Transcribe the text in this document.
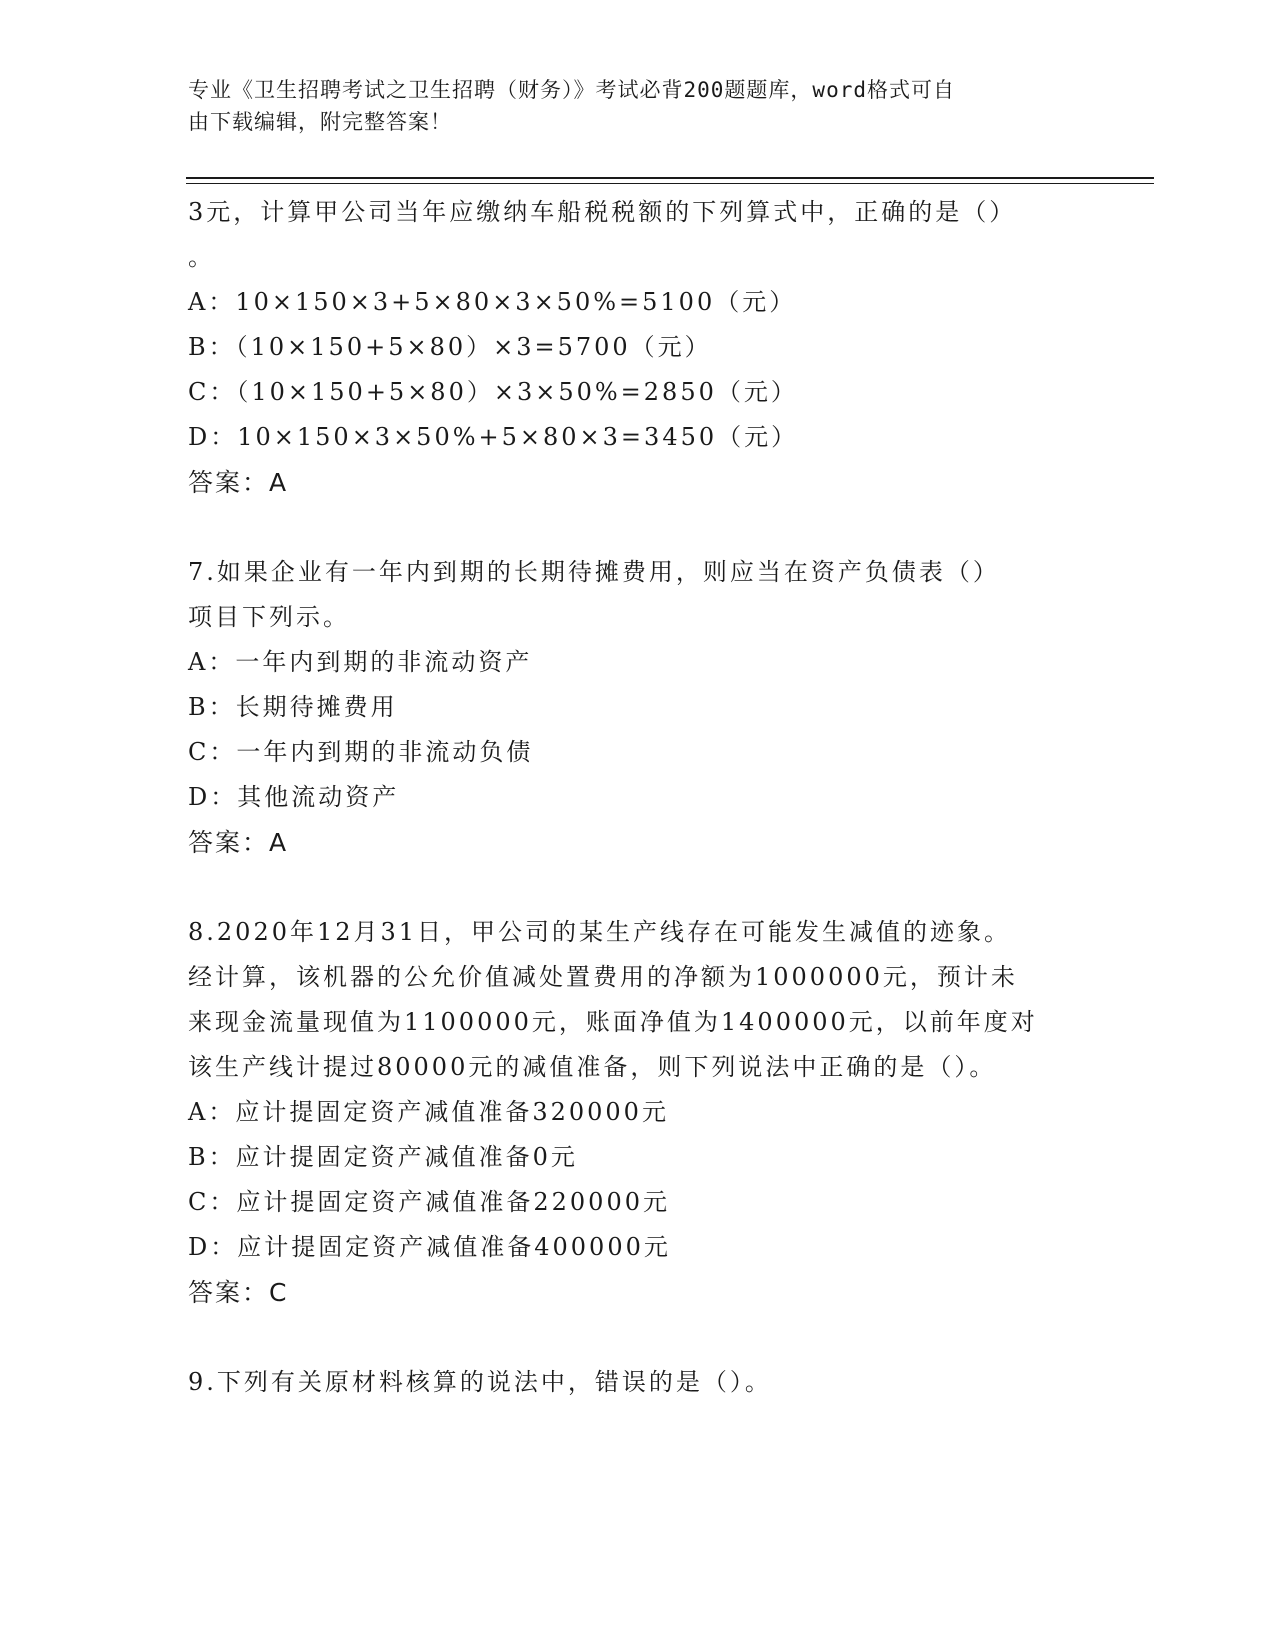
专业《卫生招聘考试之卫生招聘（财务）》考试必背200题题库，word格式可自
由下载编辑，附完整答案！
3元，计算甲公司当年应缴纳车船税税额的下列算式中，正确的是（）
。
A：10×150×3+5×80×3×50%=5100（元）
B：（10×150+5×80）×3=5700（元）
C：（10×150+5×80）×3×50%=2850（元）
D：10×150×3×50%+5×80×3=3450（元）
答案：A
7.如果企业有一年内到期的长期待摊费用，则应当在资产负债表（）
项目下列示。
A：一年内到期的非流动资产
B：长期待摊费用
C：一年内到期的非流动负债
D：其他流动资产
答案：A
8.2020年12月31日，甲公司的某生产线存在可能发生减值的迹象。
经计算，该机器的公允价值减处置费用的净额为1000000元，预计未
来现金流量现值为1100000元，账面净值为1400000元，以前年度对
该生产线计提过80000元的减值准备，则下列说法中正确的是（）。
A：应计提固定资产减值准备320000元
B：应计提固定资产减值准备0元
C：应计提固定资产减值准备220000元
D：应计提固定资产减值准备400000元
答案：C
9.下列有关原材料核算的说法中，错误的是（）。
